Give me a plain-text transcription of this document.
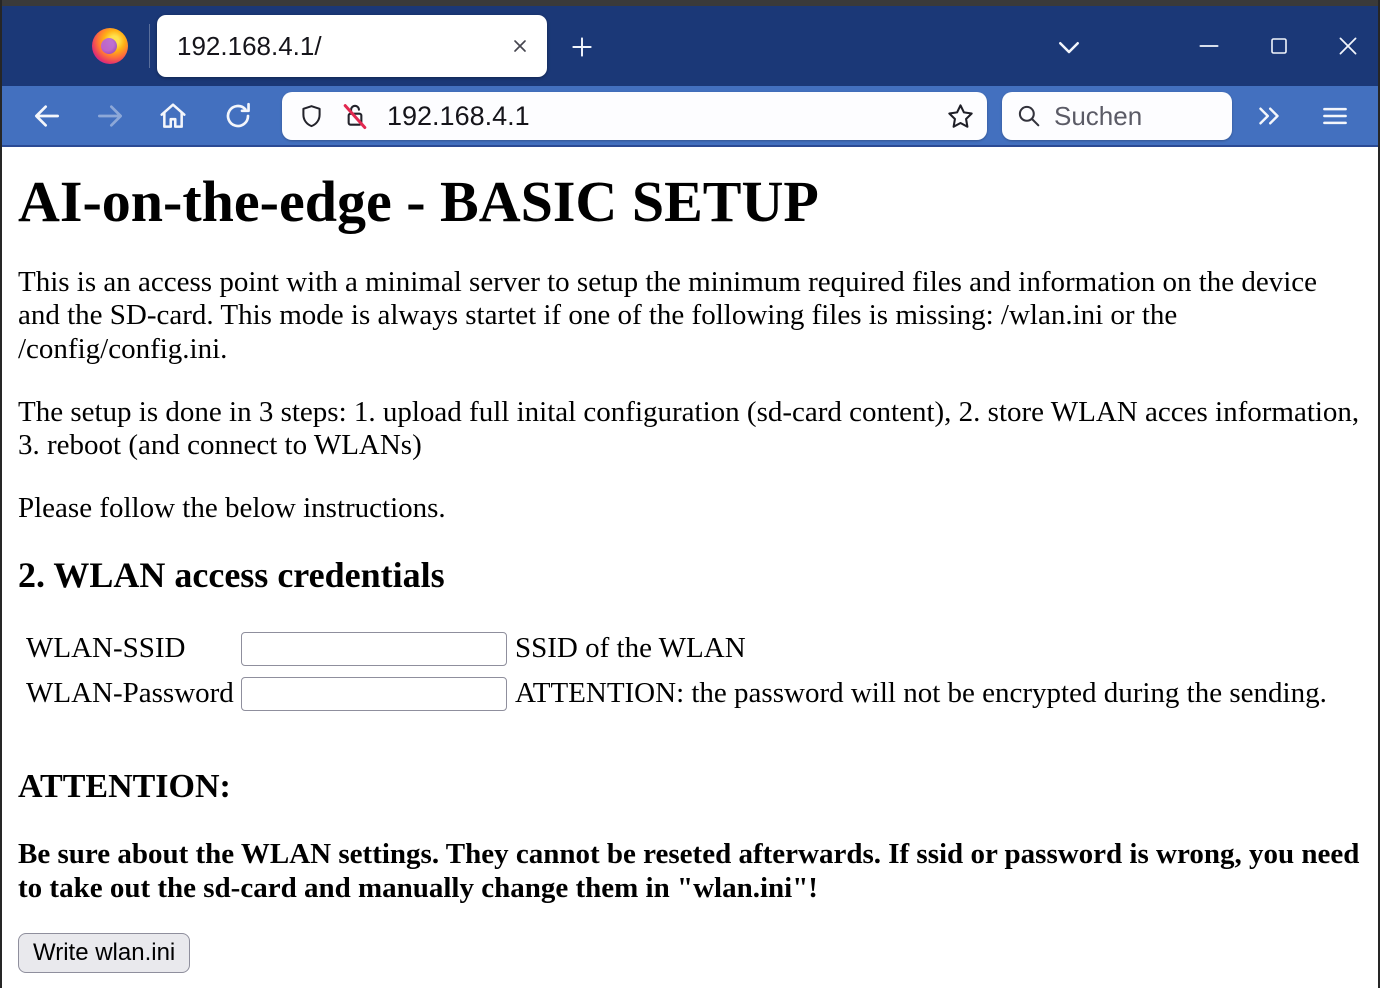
192.168.4.1/
192.168.4.1
Suchen
AI-on-the-edge - BASIC SETUP

This is an access point with a minimal server to setup the minimum required files and information on the device and the SD-card. This mode is always startet if one of the following files is missing: /wlan.ini or the /config/config.ini.

The setup is done in 3 steps: 1. upload full inital configuration (sd-card content), 2. store WLAN acces information, 3. reboot (and connect to WLANs)

Please follow the below instructions.

2. WLAN access credentials
WLAN-SSID		SSID of the WLAN
WLAN-Password		ATTENTION: the password will not be encrypted during the sending.
ATTENTION:

Be sure about the WLAN settings. They cannot be reseted afterwards. If ssid or password is wrong, you need to take out the sd-card and manually change them in "wlan.ini"!

Write wlan.ini
